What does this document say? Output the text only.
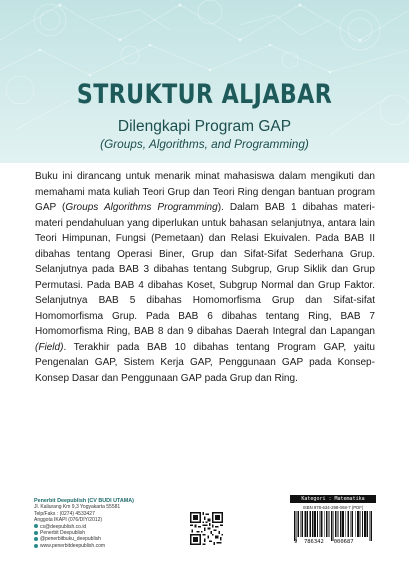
STRUKTUR ALJABAR
Dilengkapi Program GAP
(Groups, Algorithms, and Programming)

Buku ini dirancang untuk menarik minat mahasiswa dalam mengikuti dan memahami mata kuliah Teori Grup dan Teori Ring dengan bantuan program GAP (Groups Algorithms Programming). Dalam BAB 1 dibahas materi-materi pendahuluan yang diperlukan untuk bahasan selanjutnya, antara lain Teori Himpunan, Fungsi (Pemetaan) dan Relasi Ekuivalen. Pada BAB II dibahas tentang Operasi Biner, Grup dan Sifat-Sifat Sederhana Grup. Selanjutnya pada BAB 3 dibahas tentang Subgrup, Grup Siklik dan Grup Permutasi. Pada BAB 4 dibahas Koset, Subgrup Normal dan Grup Faktor. Selanjutnya BAB 5 dibahas Homomorfisma Grup dan Sifat-sifat Homomorfisma Grup. Pada BAB 6 dibahas tentang Ring, BAB 7 Homomorfisma Ring, BAB 8 dan 9 dibahas Daerah Integral dan Lapangan (Field). Terakhir pada BAB 10 dibahas tentang Program GAP, yaitu Pengenalan GAP, Sistem Kerja GAP, Penggunaan GAP pada Konsep-Konsep Dasar dan Penggunaan GAP pada Grup dan Ring.

Penerbit Deepublish (CV BUDI UTAMA)
Jl. Kaliurang Km 9,3 Yogyakarta 55581
Telp/Faks : (0274) 4533427
Anggota IKAPI (076/DIY/2012)
cs@deepublish.co.id
Penerbit Deepublish
@penerbitbuku_deepublish
www.penerbitdeepublish.com
Kategori : Matematika
ISBN 978-634-298-068-7 (PDF)
9 786342 000687
